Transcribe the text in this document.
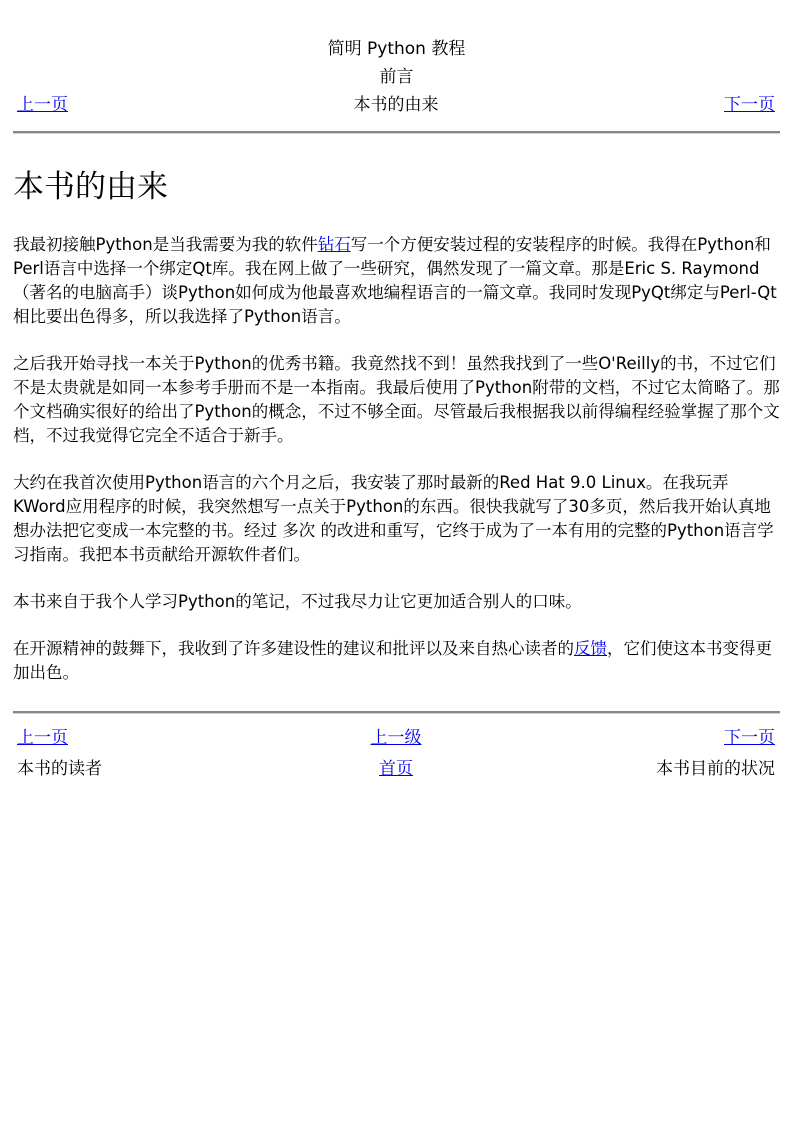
简明 Python 教程
前言
上一页	本书的由来	下一页
本书的由来

我最初接触Python是当我需要为我的软件钻石写一个方便安装过程的安装程序的时候。我得在Python和Perl语言中选择一个绑定Qt库。我在网上做了一些研究，偶然发现了一篇文章。那是Eric S. Raymond（著名的电脑高手）谈Python如何成为他最喜欢地编程语言的一篇文章。我同时发现PyQt绑定与Perl-Qt相比要出色得多，所以我选择了Python语言。

之后我开始寻找一本关于Python的优秀书籍。我竟然找不到！虽然我找到了一些O'Reilly的书，不过它们不是太贵就是如同一本参考手册而不是一本指南。我最后使用了Python附带的文档，不过它太简略了。那个文档确实很好的给出了Python的概念，不过不够全面。尽管最后我根据我以前得编程经验掌握了那个文档，不过我觉得它完全不适合于新手。

大约在我首次使用Python语言的六个月之后，我安装了那时最新的Red Hat 9.0 Linux。在我玩弄KWord应用程序的时候，我突然想写一点关于Python的东西。很快我就写了30多页，然后我开始认真地想办法把它变成一本完整的书。经过 多次 的改进和重写，它终于成为了一本有用的完整的Python语言学习指南。我把本书贡献给开源软件者们。

本书来自于我个人学习Python的笔记，不过我尽力让它更加适合别人的口味。

在开源精神的鼓舞下，我收到了许多建设性的建议和批评以及来自热心读者的反馈，它们使这本书变得更加出色。

上一页	上一级	下一页
本书的读者	首页	本书目前的状况
